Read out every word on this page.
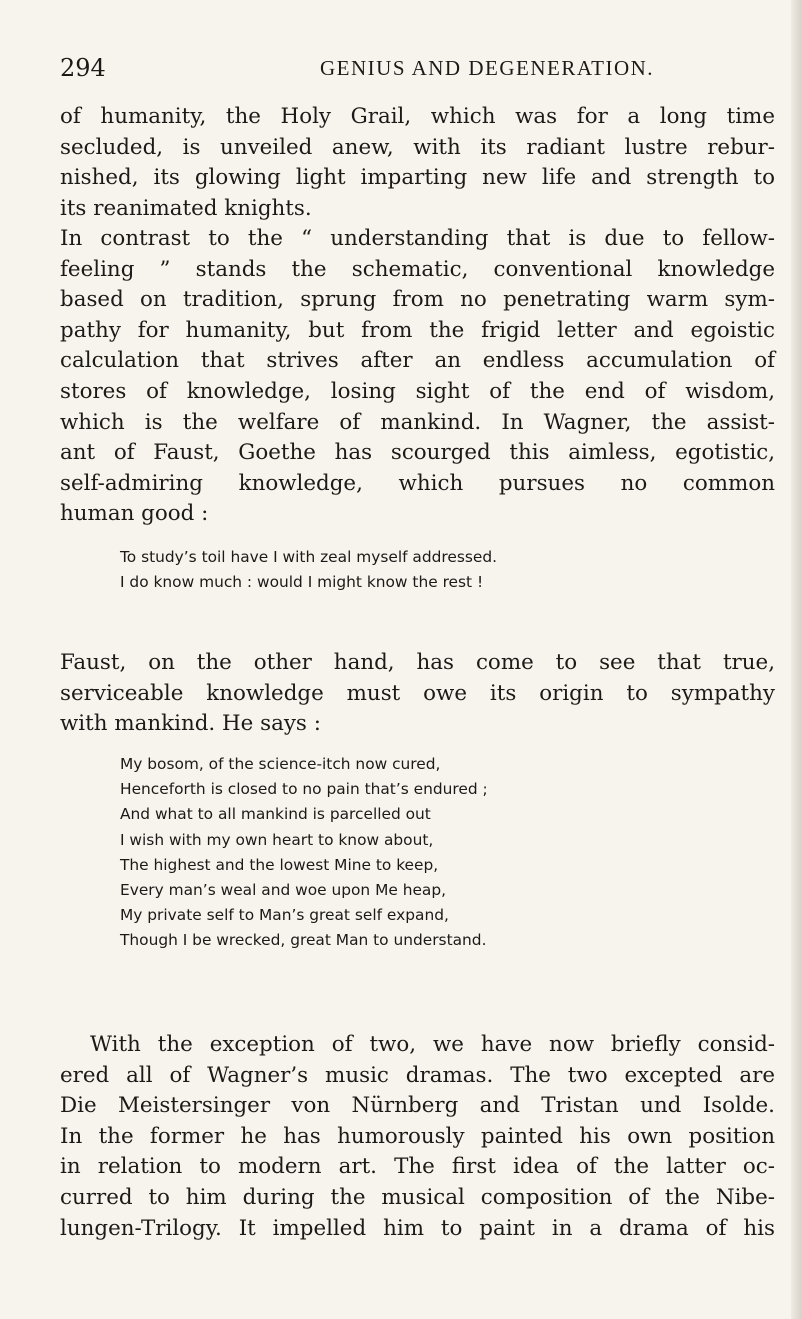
294	GENIUS AND DEGENERATION.

of humanity, the Holy Grail, which was for a long time
secluded, is unveiled anew, with its radiant lustre rebur-
nished, its glowing light imparting new life and strength to
its reanimated knights.

In contrast to the “ understanding that is due to fellow-
feeling ” stands the schematic, conventional knowledge
based on tradition, sprung from no penetrating warm sym-
pathy for humanity, but from the frigid letter and egoistic
calculation that strives after an endless accumulation of
stores of knowledge, losing sight of the end of wisdom,
which is the welfare of mankind. In Wagner, the assist-
ant of Faust, Goethe has scourged this aimless, egotistic,
self-admiring knowledge, which pursues no common
human good :

To study’s toil have I with zeal myself addressed.
I do know much : would I might know the rest !

Faust, on the other hand, has come to see that true,
serviceable knowledge must owe its origin to sympathy
with mankind. He says :

My bosom, of the science-itch now cured,
Henceforth is closed to no pain that’s endured ;
And what to all mankind is parcelled out
I wish with my own heart to know about,
The highest and the lowest Mine to keep,
Every man’s weal and woe upon Me heap,
My private self to Man’s great self expand,
Though I be wrecked, great Man to understand.

With the exception of two, we have now briefly consid-
ered all of Wagner’s music dramas. The two excepted are
Die Meistersinger von Nürnberg and Tristan und Isolde.
In the former he has humorously painted his own position
in relation to modern art. The first idea of the latter oc-
curred to him during the musical composition of the Nibe-
lungen-Trilogy. It impelled him to paint in a drama of his
